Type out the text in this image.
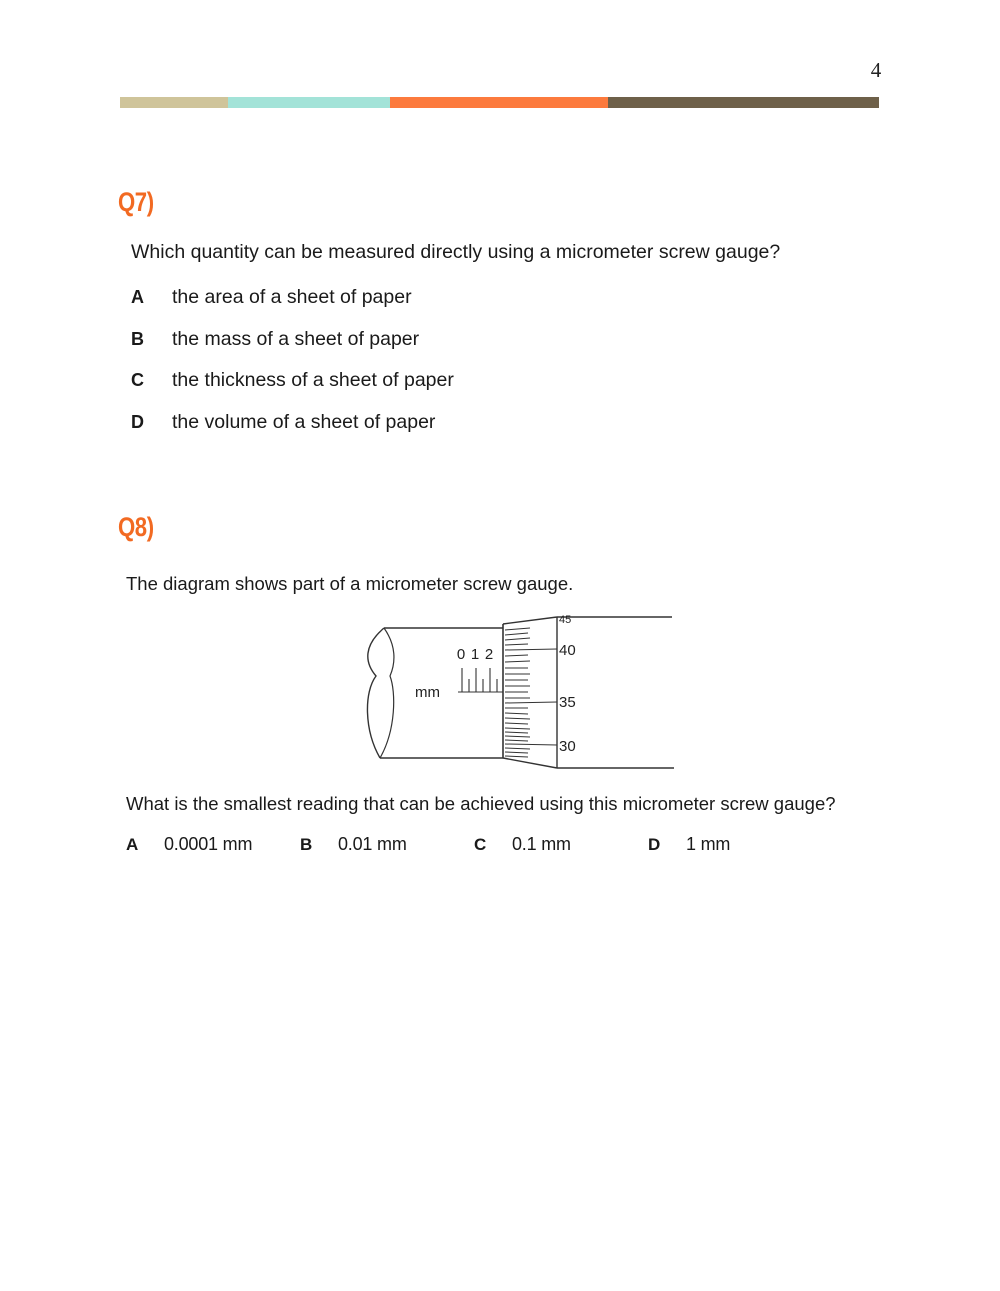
4
Q7)

Which quantity can be measured directly using a micrometer screw gauge?

A	the area of a sheet of paper
B	the mass of a sheet of paper
C	the thickness of a sheet of paper
D	the volume of a sheet of paper
Q8)

The diagram shows part of a micrometer screw gauge.

0 1 2
mm
45
40
35
30

What is the smallest reading that can be achieved using this micrometer screw gauge?

A	0.0001 mm	B	0.01 mm	C	0.1 mm	D	1 mm
